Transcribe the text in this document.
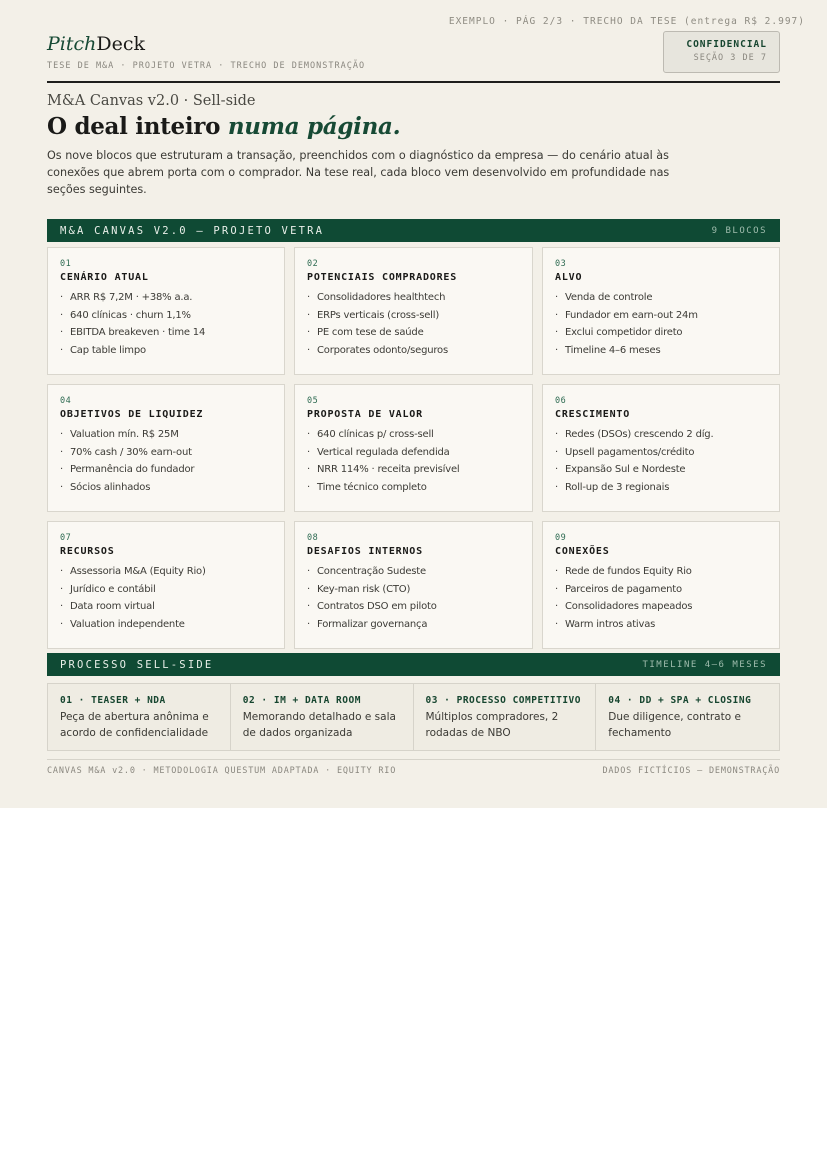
EXEMPLO · PÁG 2/3 · TRECHO DA TESE (entrega R$ 2.997)
PitchDeck
TESE DE M&A · PROJETO VETRA · TRECHO DE DEMONSTRAÇÃO
CONFIDENCIAL
SEÇÃO 3 DE 7
M&A Canvas v2.0 · Sell-side
O deal inteiro numa página.

Os nove blocos que estruturam a transação, preenchidos com o diagnóstico da empresa — do cenário atual às conexões que abrem porta com o comprador. Na tese real, cada bloco vem desenvolvido em profundidade nas seções seguintes.

M&A CANVAS V2.0 — PROJETO VETRA	9 BLOCOS
01
CENÁRIO ATUAL
· ARR R$ 7,2M · +38% a.a.
· 640 clínicas · churn 1,1%
· EBITDA breakeven · time 14
· Cap table limpo
02
POTENCIAIS COMPRADORES
· Consolidadores healthtech
· ERPs verticais (cross-sell)
· PE com tese de saúde
· Corporates odonto/seguros
03
ALVO
· Venda de controle
· Fundador em earn-out 24m
· Exclui competidor direto
· Timeline 4–6 meses
04
OBJETIVOS DE LIQUIDEZ
· Valuation mín. R$ 25M
· 70% cash / 30% earn-out
· Permanência do fundador
· Sócios alinhados
05
PROPOSTA DE VALOR
· 640 clínicas p/ cross-sell
· Vertical regulada defendida
· NRR 114% · receita previsível
· Time técnico completo
06
CRESCIMENTO
· Redes (DSOs) crescendo 2 díg.
· Upsell pagamentos/crédito
· Expansão Sul e Nordeste
· Roll-up de 3 regionais
07
RECURSOS
· Assessoria M&A (Equity Rio)
· Jurídico e contábil
· Data room virtual
· Valuation independente
08
DESAFIOS INTERNOS
· Concentração Sudeste
· Key-man risk (CTO)
· Contratos DSO em piloto
· Formalizar governança
09
CONEXÕES
· Rede de fundos Equity Rio
· Parceiros de pagamento
· Consolidadores mapeados
· Warm intros ativas
PROCESSO SELL-SIDE	TIMELINE 4–6 MESES
01 · TEASER + NDA
Peça de abertura anônima e acordo de confidencialidade
02 · IM + DATA ROOM
Memorando detalhado e sala de dados organizada
03 · PROCESSO COMPETITIVO
Múltiplos compradores, 2 rodadas de NBO
04 · DD + SPA + CLOSING
Due diligence, contrato e fechamento
CANVAS M&A v2.0 · METODOLOGIA QUESTUM ADAPTADA · EQUITY RIO	DADOS FICTÍCIOS — DEMONSTRAÇÃO
